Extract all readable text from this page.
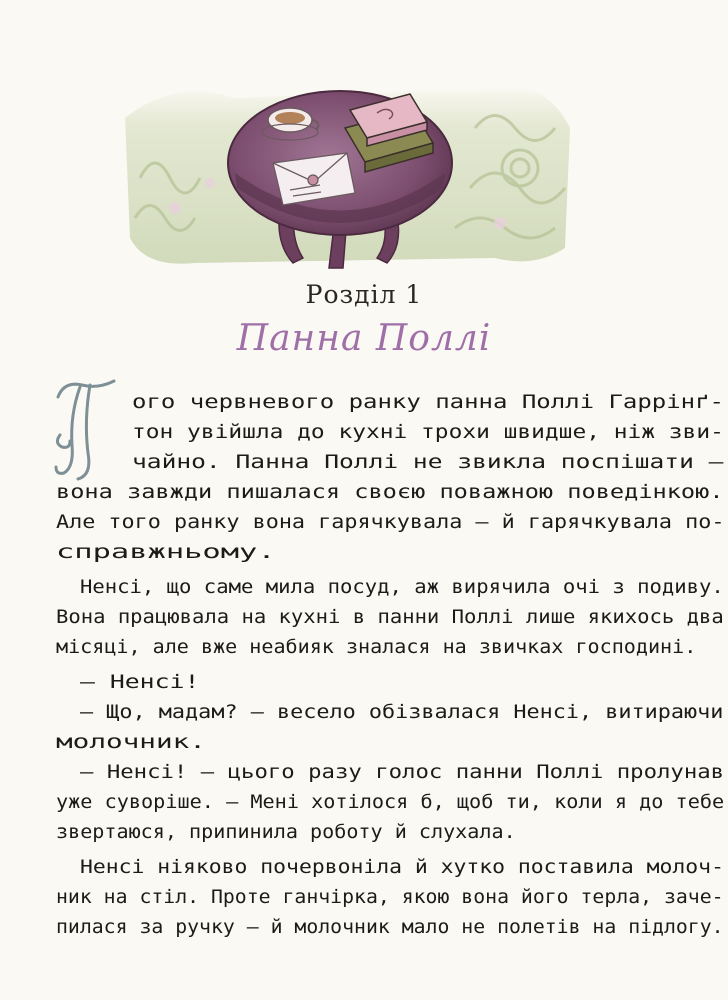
Розділ 1
Панна Поллі
Т
ого червневого ранку панна Поллі Гаррінґ-
тон увійшла до кухні трохи швидше, ніж зви-
чайно. Панна Поллі не звикла поспішати —
вона завжди пишалася своєю поважною поведінкою.
Але того ранку вона гарячкувала — й гарячкувала по-
справжньому.
Ненсі, що саме мила посуд, аж вирячила очі з подиву.
Вона працювала на кухні в панни Поллі лише якихось два
місяці, але вже неабияк зналася на звичках господині.
— Ненсі!
— Що, мадам? — весело обізвалася Ненсі, витираючи
молочник.
— Ненсі! — цього разу голос панни Поллі пролунав
уже суворіше. — Мені хотілося б, щоб ти, коли я до тебе
звертаюся, припинила роботу й слухала.
Ненсі ніяково почервоніла й хутко поставила молоч-
ник на стіл. Проте ганчірка, якою вона його терла, заче-
пилася за ручку — й молочник мало не полетів на підлогу.
